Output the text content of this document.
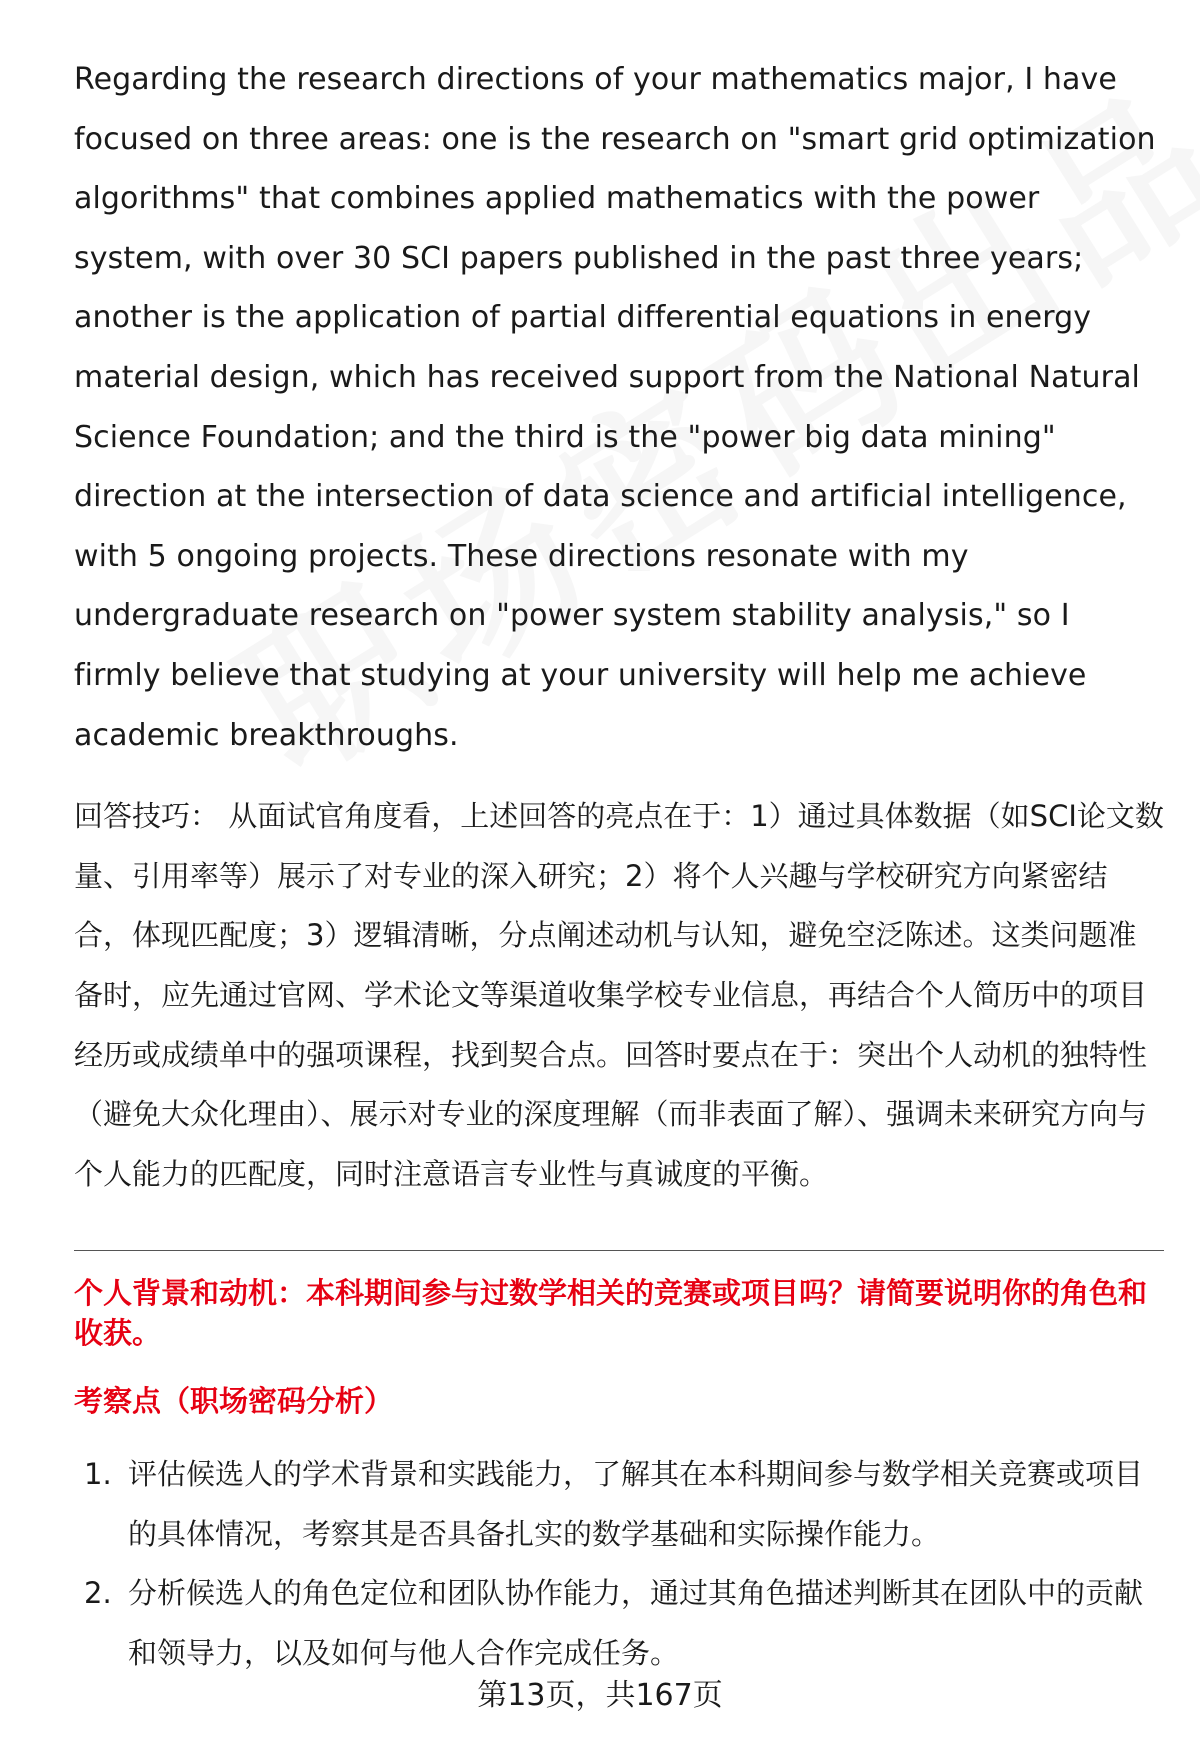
Regarding the research directions of your mathematics major, I have focused on three areas: one is the research on "smart grid optimization algorithms" that combines applied mathematics with the power system, with over 30 SCI papers published in the past three years; another is the application of partial differential equations in energy material design, which has received support from the National Natural Science Foundation; and the third is the "power big data mining" direction at the intersection of data science and artificial intelligence, with 5 ongoing projects. These directions resonate with my undergraduate research on "power system stability analysis," so I firmly believe that studying at your university will help me achieve academic breakthroughs.

回答技巧： 从面试官角度看，上述回答的亮点在于：1）通过具体数据（如SCI论文数量、引用率等）展示了对专业的深入研究；2）将个人兴趣与学校研究方向紧密结合，体现匹配度；3）逻辑清晰，分点阐述动机与认知，避免空泛陈述。这类问题准备时，应先通过官网、学术论文等渠道收集学校专业信息，再结合个人简历中的项目经历或成绩单中的强项课程，找到契合点。回答时要点在于：突出个人动机的独特性（避免大众化理由）、展示对专业的深度理解（而非表面了解）、强调未来研究方向与个人能力的匹配度，同时注意语言专业性与真诚度的平衡。

个人背景和动机：本科期间参与过数学相关的竞赛或项目吗？请简要说明你的角色和收获。
考察点（职场密码分析）
1. 评估候选人的学术背景和实践能力，了解其在本科期间参与数学相关竞赛或项目的具体情况，考察其是否具备扎实的数学基础和实际操作能力。
2. 分析候选人的角色定位和团队协作能力，通过其角色描述判断其在团队中的贡献和领导力，以及如何与他人合作完成任务。
第13页，共167页
